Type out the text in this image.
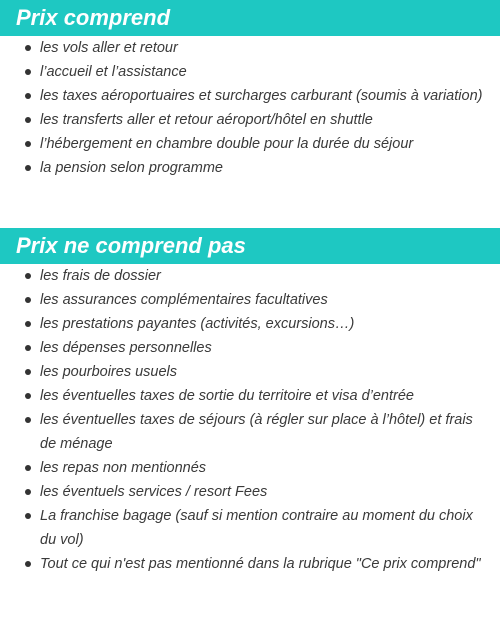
Prix comprend
les vols aller et retour
l’accueil et l’assistance
les taxes aéroportuaires et surcharges carburant (soumis à variation)
les transferts aller et retour aéroport/hôtel en shuttle
l’hébergement en chambre double pour la durée du séjour
la pension selon programme
Prix ne comprend pas
les frais de dossier
les assurances complémentaires facultatives
les prestations payantes (activités, excursions…)
les dépenses personnelles
les pourboires usuels
les éventuelles taxes de sortie du territoire et visa d’entrée
les éventuelles taxes de séjours (à régler sur place à l’hôtel) et frais de ménage
les repas non mentionnés
les éventuels services / resort Fees
La franchise bagage (sauf si mention contraire au moment du choix du vol)
Tout ce qui n'est pas mentionné dans la rubrique "Ce prix comprend"
